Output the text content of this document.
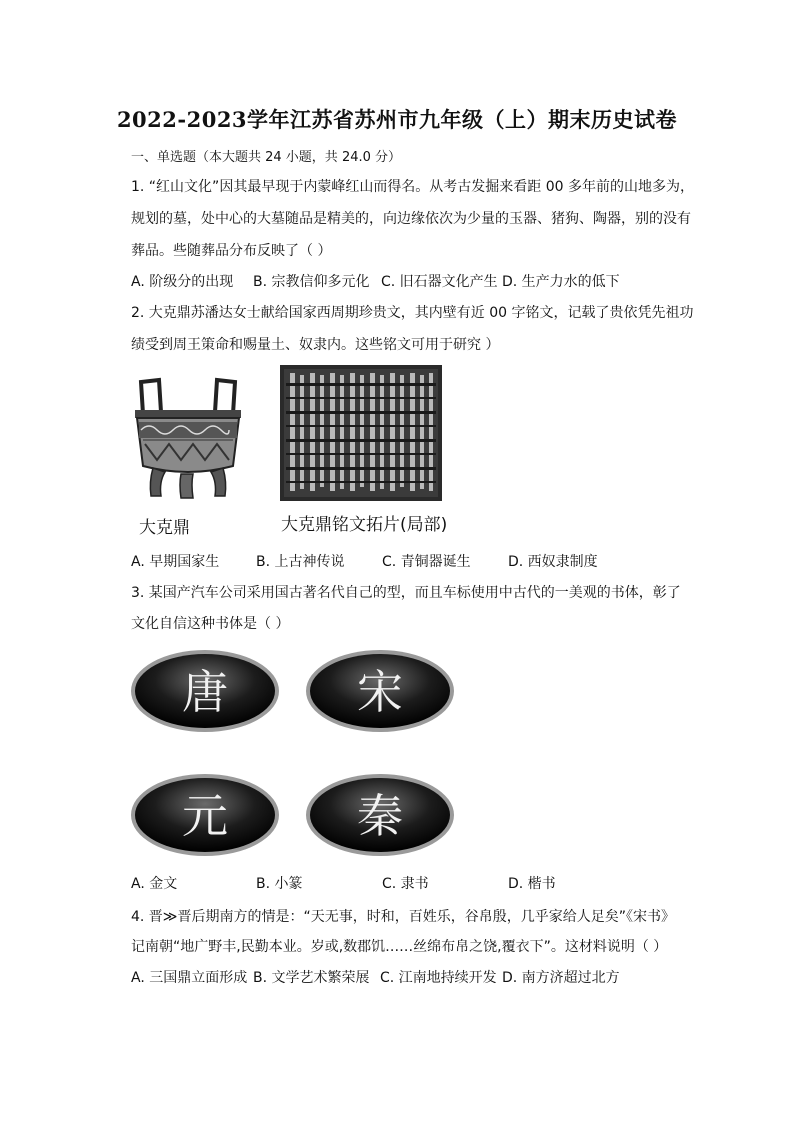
2022-2023学年江苏省苏州市九年级（上）期末历史试卷
一、单选题（本大题共 24 小题，共 24.0 分）
1. “红山文化”因其最早现于内蒙峰红山而得名。从考古发掘来看距 00 多年前的山地多为，
规划的墓，处中心的大墓随品是精美的，向边缘依次为少量的玉器、猪狗、陶器，别的没有
葬品。些随葬品分布反映了（ ）
A. 阶级分的出现 B. 宗教信仰多元化 C. 旧石器文化产生 D. 生产力水的低下
2. 大克鼎苏潘达女士献给国家西周期珍贵文，其内壁有近 00 字铭文，记载了贵依凭先祖功
绩受到周王策命和赐量土、奴隶内。这些铭文可用于研究 ）
大克鼎	大克鼎铭文拓片(局部)
A. 早期国家生	B. 上古神传说	C. 青铜器诞生	D. 西奴隶制度
3. 某国产汽车公司采用国古著名代自己的型，而且车标使用中古代的一美观的书体，彰了
文化自信这种书体是（ ）
唐	宋
元	秦
A. 金文	B. 小篆	C. 隶书	D. 楷书
4. 晋≫晋后期南方的情是：“天无事，时和，百姓乐，谷帛殷，几乎家给人足矣”《宋书》
记南朝“地广野丰,民勤本业。岁或,数郡饥……丝绵布帛之饶,覆衣下”。这材料说明（ ）
A. 三国鼎立面形成 B. 文学艺术繁荣展 C. 江南地持续开发 D. 南方济超过北方
